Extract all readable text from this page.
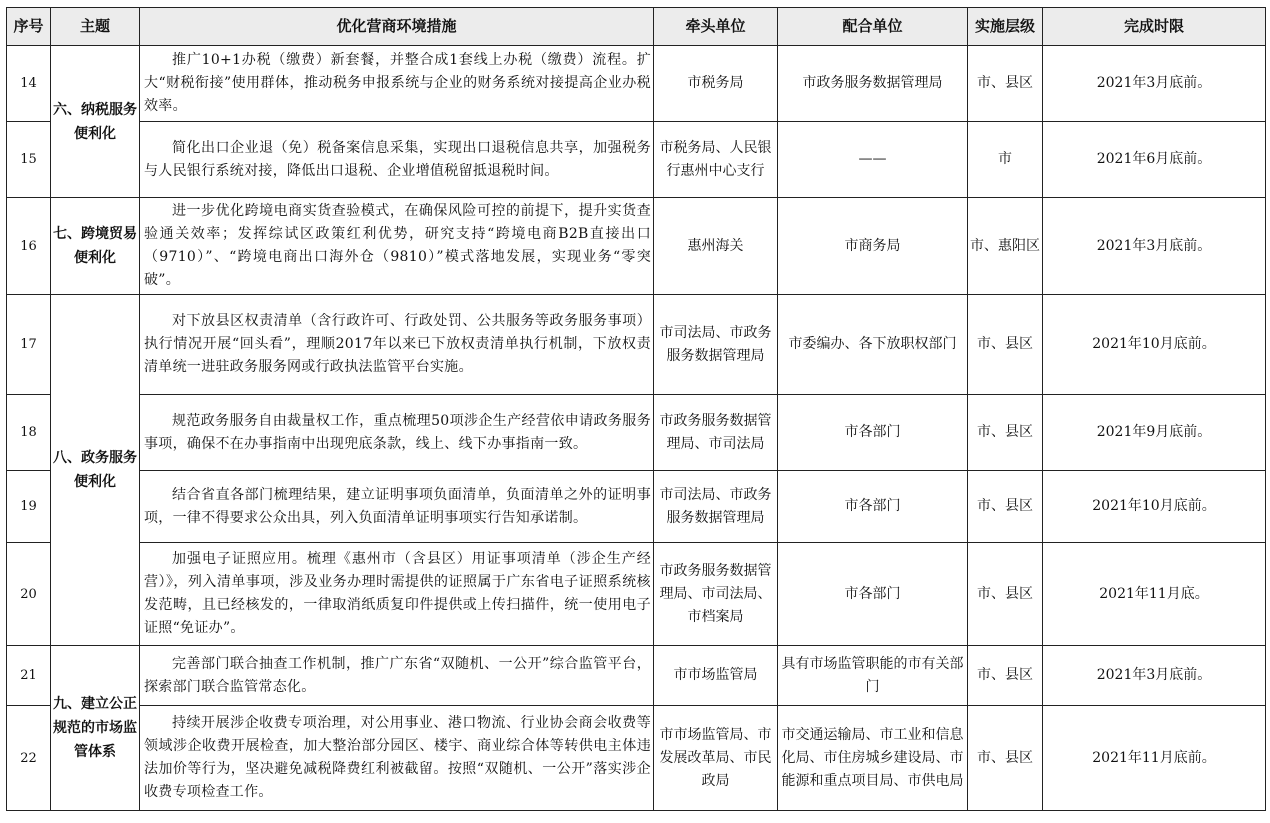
序号	主题	优化营商环境措施	牵头单位	配合单位	实施层级	完成时限
14	六、纳税服务便利化	推广10+1办税（缴费）新套餐，并整合成1套线上办税（缴费）流程。扩大“财税衔接”使用群体，推动税务申报系统与企业的财务系统对接提高企业办税效率。	市税务局	市政务服务数据管理局	市、县区	2021年3月底前。
15		简化出口企业退（免）税备案信息采集，实现出口退税信息共享，加强税务与人民银行系统对接，降低出口退税、企业增值税留抵退税时间。	市税务局、人民银行惠州中心支行	——	市	2021年6月底前。
16	七、跨境贸易便利化	进一步优化跨境电商实货查验模式，在确保风险可控的前提下，提升实货查验通关效率；发挥综试区政策红利优势，研究支持“跨境电商B2B直接出口（9710）”、“跨境电商出口海外仓（9810）”模式落地发展，实现业务“零突破”。	惠州海关	市商务局	市、惠阳区	2021年3月底前。
17	八、政务服务便利化	对下放县区权责清单（含行政许可、行政处罚、公共服务等政务服务事项）执行情况开展“回头看”，理顺2017年以来已下放权责清单执行机制，下放权责清单统一进驻政务服务网或行政执法监管平台实施。	市司法局、市政务服务数据管理局	市委编办、各下放职权部门	市、县区	2021年10月底前。
18		规范政务服务自由裁量权工作，重点梳理50项涉企生产经营依申请政务服务事项，确保不在办事指南中出现兜底条款，线上、线下办事指南一致。	市政务服务数据管理局、市司法局	市各部门	市、县区	2021年9月底前。
19		结合省直各部门梳理结果，建立证明事项负面清单，负面清单之外的证明事项，一律不得要求公众出具，列入负面清单证明事项实行告知承诺制。	市司法局、市政务服务数据管理局	市各部门	市、县区	2021年10月底前。
20		加强电子证照应用。梳理《惠州市（含县区）用证事项清单（涉企生产经营）》，列入清单事项，涉及业务办理时需提供的证照属于广东省电子证照系统核发范畴，且已经核发的，一律取消纸质复印件提供或上传扫描件，统一使用电子证照“免证办”。	市政务服务数据管理局、市司法局、市档案局	市各部门	市、县区	2021年11月底。
21	九、建立公正规范的市场监管体系	完善部门联合抽查工作机制，推广广东省“双随机、一公开”综合监管平台，探索部门联合监管常态化。	市市场监管局	具有市场监管职能的市有关部门	市、县区	2021年3月底前。
22		持续开展涉企收费专项治理，对公用事业、港口物流、行业协会商会收费等领域涉企收费开展检查，加大整治部分园区、楼宇、商业综合体等转供电主体违法加价等行为，坚决避免减税降费红利被截留。按照“双随机、一公开”落实涉企收费专项检查工作。	市市场监管局、市发展改革局、市民政局	市交通运输局、市工业和信息化局、市住房城乡建设局、市能源和重点项目局、市供电局	市、县区	2021年11月底前。
